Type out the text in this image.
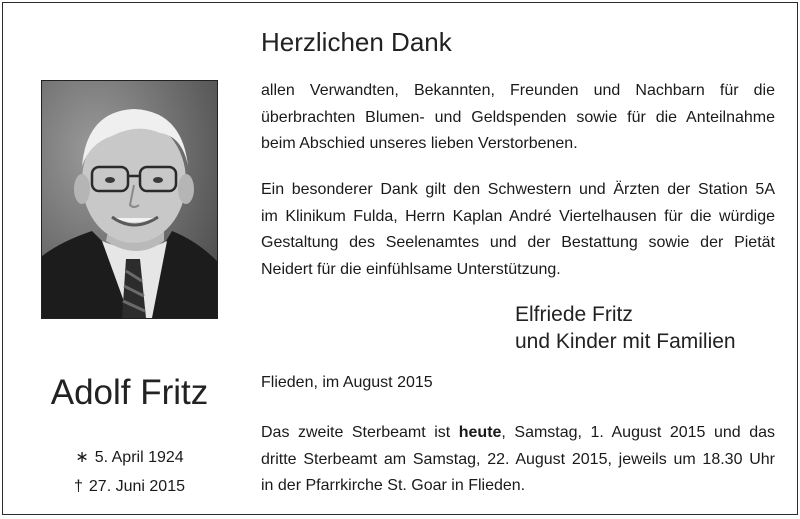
Herzlichen Dank

allen Verwandten, Bekannten, Freunden und Nachbarn für die
überbrachten Blumen- und Geldspenden sowie für die Anteilnahme
beim Abschied unseres lieben Verstorbenen.

Ein besonderer Dank gilt den Schwestern und Ärzten der Station 5A
im Klinikum Fulda, Herrn Kaplan André Viertelhausen für die würdige
Gestaltung des Seelenamtes und der Bestattung sowie der Pietät
Neidert für die einfühlsame Unterstützung.

Elfriede Fritz
und Kinder mit Familien
Flieden, im August 2015

Das zweite Sterbeamt ist heute, Samstag, 1. August 2015 und das
dritte Sterbeamt am Samstag, 22. August 2015, jeweils um 18.30 Uhr
in der Pfarrkirche St. Goar in Flieden.

Adolf Fritz
∗ 5. April 1924
† 27. Juni 2015
